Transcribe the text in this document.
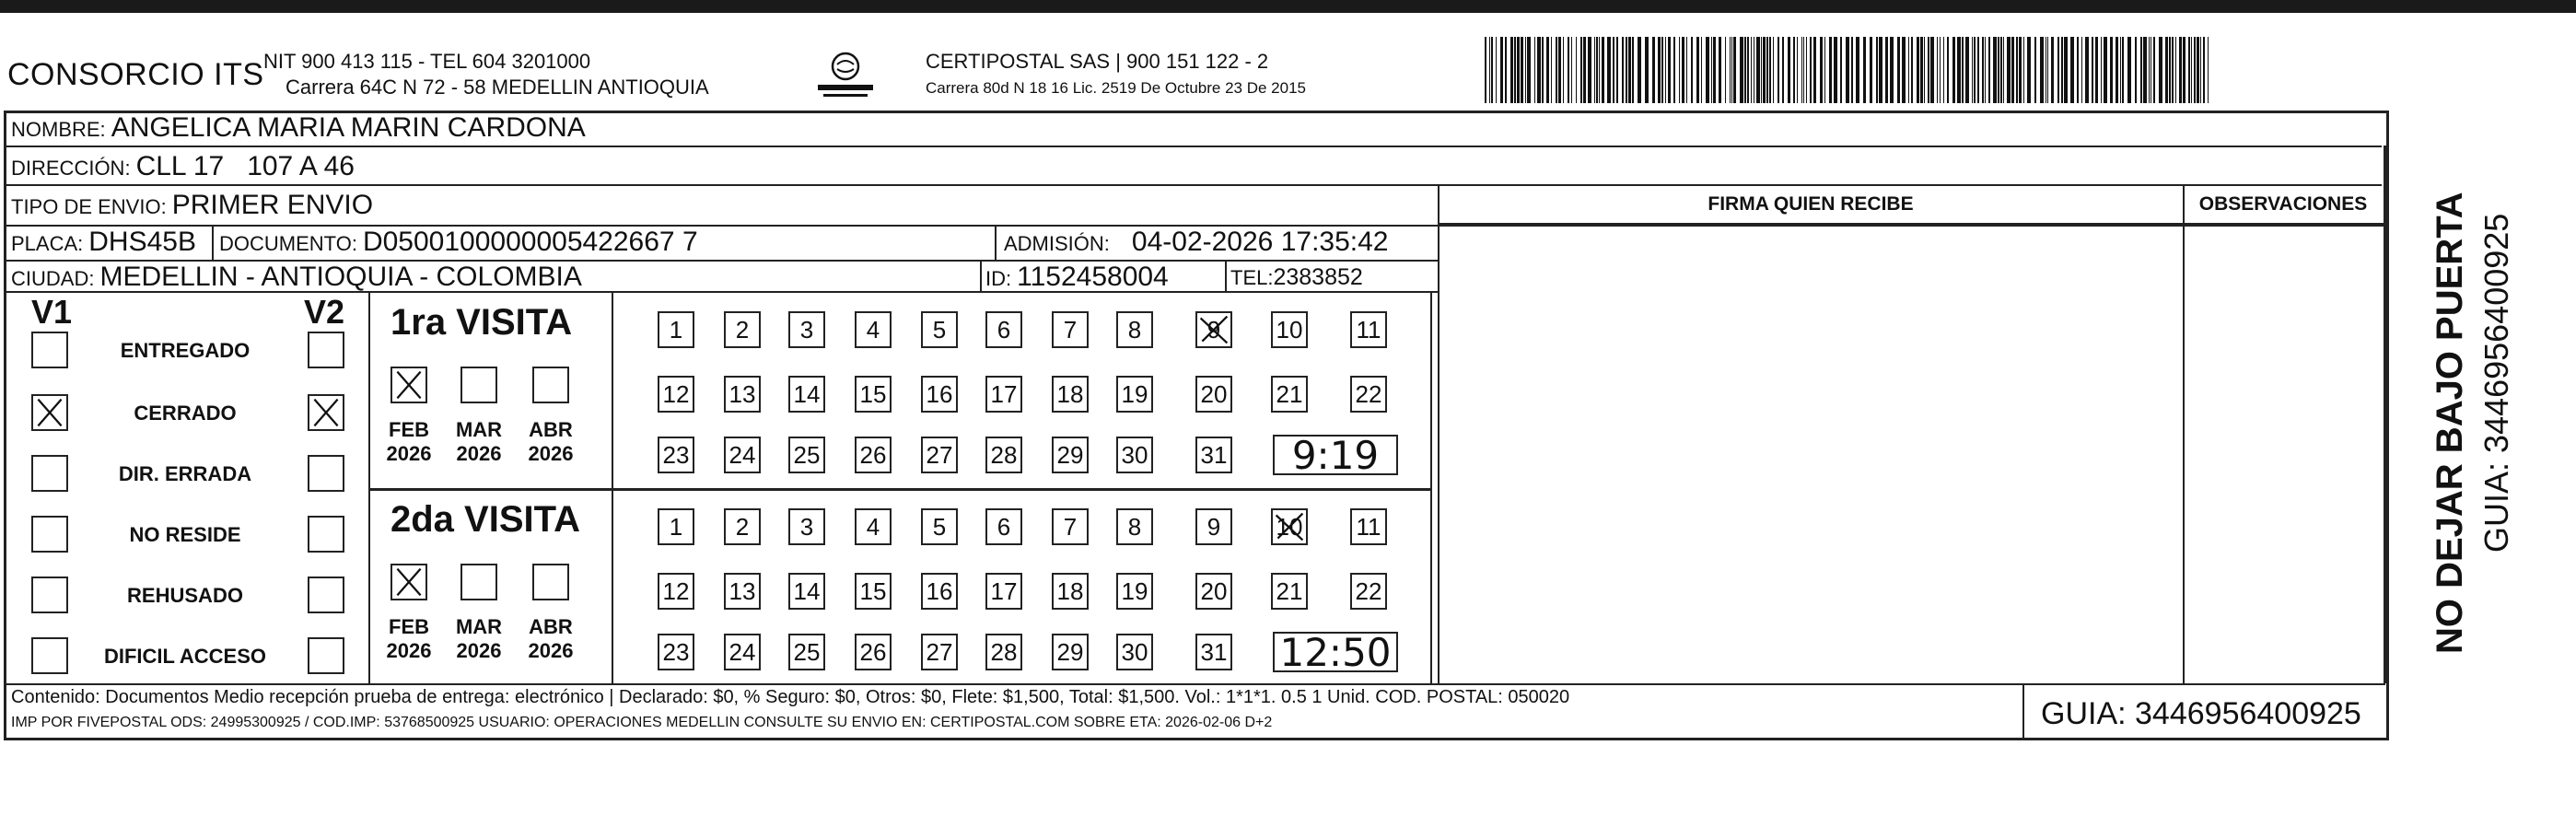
CONSORCIO ITS NIT 900 413 115 - TEL 604 3201000
Carrera 64C N 72 - 58 MEDELLIN ANTIOQUIA
CERTIPOSTAL SAS | 900 151 122 - 2
Carrera 80d N 18 16 Lic. 2519 De Octubre 23 De 2015
NOMBRE: ANGELICA MARIA MARIN CARDONA
DIRECCIÓN: CLL 17   107 A 46
TIPO DE ENVIO: PRIMER ENVIO
PLACA: DHS45B DOCUMENTO: D0500100000005422667 7	ADMISIÓN: 04-02-2026 17:35:42
CIUDAD: MEDELLIN - ANTIOQUIA - COLOMBIA	ID: 1152458004	TEL:2383852
FIRMA QUIEN RECIBE	OBSERVACIONES
V1	V2
ENTREGADO
CERRADO
DIR. ERRADA
NO RESIDE
REHUSADO
DIFICIL ACCESO
1ra VISITA
FEB
2026
MAR
2026
ABR
2026
1 2 3 4 5 6 7 8	9 10 11
12 13 14 15 16 17 18 19 20 21 22
23 24 25 26 27 28 29 30 31	9:19
2da VISITA
FEB
2026
MAR
2026
ABR
2026
1 2 3 4 5 6 7 8	9 10 11
12 13 14 15 16 17 18 19 20 21 22
23 24 25 26 27 28 29 30 31 12:50
Contenido: Documentos Medio recepción prueba de entrega: electrónico | Declarado: $0, % Seguro: $0, Otros: $0, Flete: $1,500, Total: $1,500. Vol.: 1*1*1. 0.5 1 Unid. COD. POSTAL: 050020
IMP POR FIVEPOSTAL ODS: 24995300925 / COD.IMP: 53768500925 USUARIO: OPERACIONES MEDELLIN CONSULTE SU ENVIO EN: CERTIPOSTAL.COM SOBRE ETA: 2026-02-06 D+2	GUIA: 3446956400925
NO DEJAR BAJO PUERTA GUIA: 3446956400925
